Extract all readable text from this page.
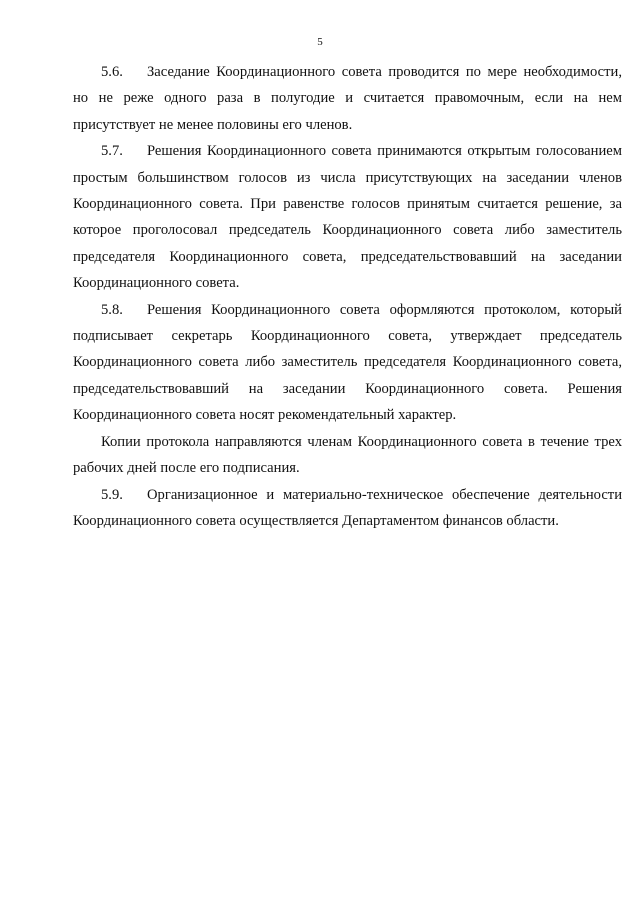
5

5.6. Заседание Координационного совета проводится по мере необходимости, но не реже одного раза в полугодие и считается правомочным, если на нем присутствует не менее половины его членов.

5.7. Решения Координационного совета принимаются открытым голосованием простым большинством голосов из числа присутствующих на заседании членов Координационного совета. При равенстве голосов принятым считается решение, за которое проголосовал председатель Координационного совета либо заместитель председателя Координационного совета, председательствовавший на заседании Координационного совета.

5.8. Решения Координационного совета оформляются протоколом, который подписывает секретарь Координационного совета, утверждает председатель Координационного совета либо заместитель председателя Координационного совета, председательствовавший на заседании Координационного совета. Решения Координационного совета носят рекомендательный характер.

Копии протокола направляются членам Координационного совета в течение трех рабочих дней после его подписания.

5.9. Организационное и материально-техническое обеспечение деятельности Координационного совета осуществляется Департаментом финансов области.
